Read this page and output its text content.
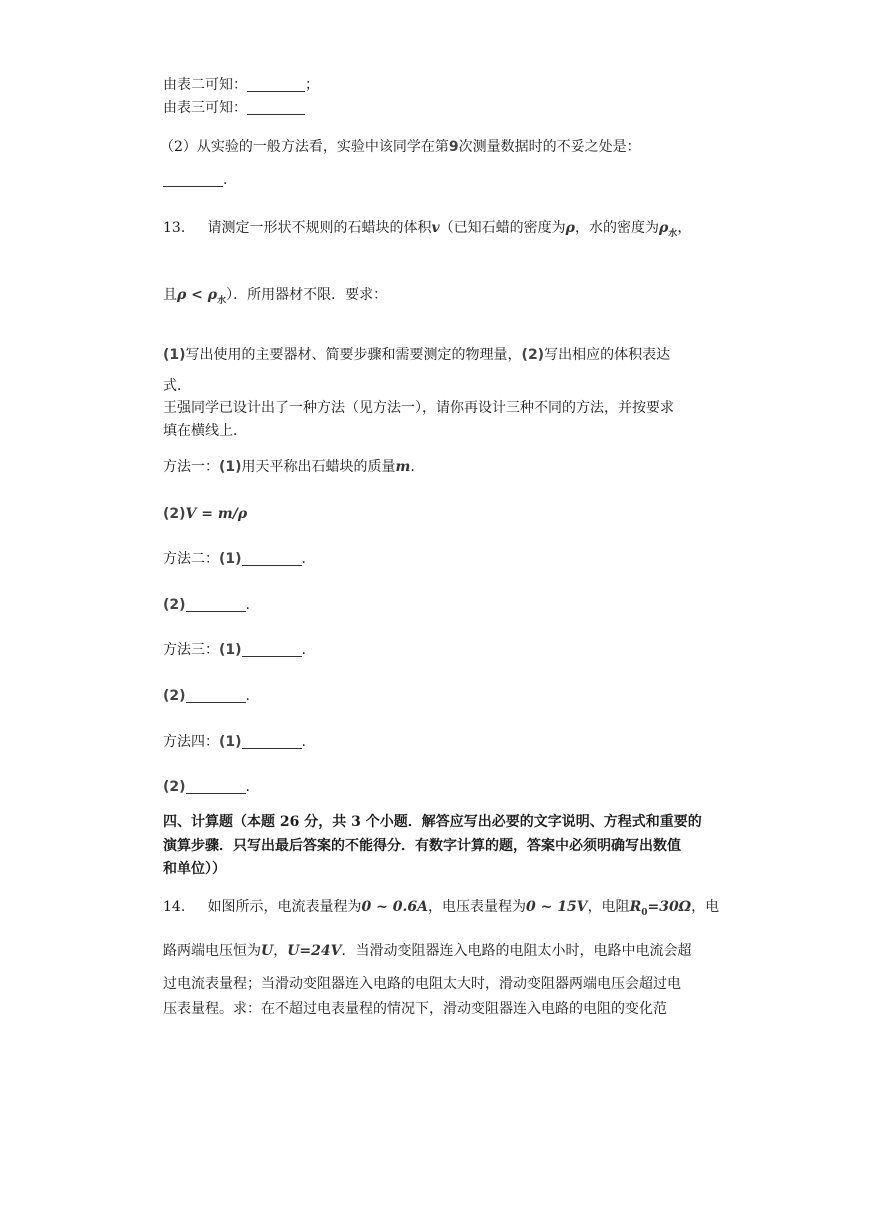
由表二可知：	；
由表三可知：
（2）从实验的一般方法看，实验中该同学在第9次测量数据时的不妥之处是：
.
13. 请测定一形状不规则的石蜡块的体积v（已知石蜡的密度为ρ，水的密度为$\rho_水$，
且$\rho < \rho_水$）．所用器材不限．要求：
(1)写出使用的主要器材、简要步骤和需要测定的物理量，(2)写出相应的体积表达
式．
王强同学已设计出了一种方法（见方法一），请你再设计三种不同的方法，并按要求
填在横线上．
方法一：(1)用天平称出石蜡块的质量m.
(2)V = m/ρ
方法二：(1)	.
(2)	.
方法三：(1)	.
(2)	.
方法四：(1)	.
(2)	.
四、计算题（本题 26 分，共 3 个小题．解答应写出必要的文字说明、方程式和重要的
演算步骤．只写出最后答案的不能得分．有数字计算的题，答案中必须明确写出数值
和单位））
14. 如图所示，电流表量程为0 ~ 0.6A，电压表量程为0 ~ 15V，电阻$R_0=30\Omega$，电
路两端电压恒为U，U=24V．当滑动变阻器连入电路的电阻太小时，电路中电流会超
过电流表量程；当滑动变阻器连入电路的电阻太大时，滑动变阻器两端电压会超过电
压表量程。求：在不超过电表量程的情况下，滑动变阻器连入电路的电阻的变化范
